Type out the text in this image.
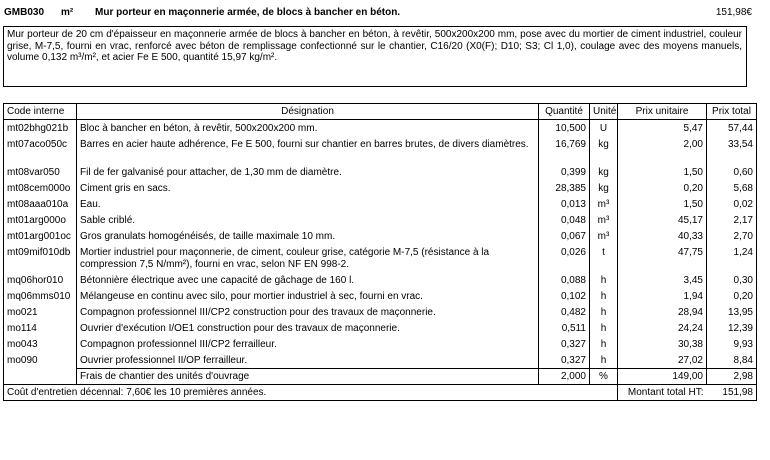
GMB030 m² Mur porteur en maçonnerie armée, de blocs à bancher en béton.	151,98€
Mur porteur de 20 cm d'épaisseur en maçonnerie armée de blocs à bancher en béton, à revêtir, 500x200x200 mm, pose avec du mortier de ciment industriel, couleur grise, M-7,5, fourni en vrac, renforcé avec béton de remplissage confectionné sur le chantier, C16/20 (X0(F); D10; S3; Cl 1,0), coulage avec des moyens manuels, volume 0,132 m³/m², et acier Fe E 500, quantité 15,97 kg/m².
Code interne	Désignation	Quantité	Unité	Prix unitaire	Prix total
mt02bhg021b	Bloc à bancher en béton, à revêtir, 500x200x200 mm.	10,500	U	5,47	57,44
mt07aco050c	Barres en acier haute adhérence, Fe E 500, fourni sur chantier en barres brutes, de divers diamètres.	16,769	kg	2,00	33,54
mt08var050	Fil de fer galvanisé pour attacher, de 1,30 mm de diamètre.	0,399	kg	1,50	0,60
mt08cem000o	Ciment gris en sacs.	28,385	kg	0,20	5,68
mt08aaa010a	Eau.	0,013	m³	1,50	0,02
mt01arg000o	Sable criblé.	0,048	m³	45,17	2,17
mt01arg001oc	Gros granulats homogénéisés, de taille maximale 10 mm.	0,067	m³	40,33	2,70
mt09mif010db	Mortier industriel pour maçonnerie, de ciment, couleur grise, catégorie M-7,5 (résistance à la compression 7,5 N/mm²), fourni en vrac, selon NF EN 998-2.	0,026	t	47,75	1,24
mq06hor010	Bétonnière électrique avec une capacité de gâchage de 160 l.	0,088	h	3,45	0,30
mq06mms010	Mélangeuse en continu avec silo, pour mortier industriel à sec, fourni en vrac.	0,102	h	1,94	0,20
mo021	Compagnon professionnel III/CP2 construction pour des travaux de maçonnerie.	0,482	h	28,94	13,95
mo114	Ouvrier d'exécution I/OE1 construction pour des travaux de maçonnerie.	0,511	h	24,24	12,39
mo043	Compagnon professionnel III/CP2 ferrailleur.	0,327	h	30,38	9,93
mo090	Ouvrier professionnel II/OP ferrailleur.	0,327	h	27,02	8,84
	Frais de chantier des unités d'ouvrage	2,000	%	149,00	2,98
Coût d'entretien décennal: 7,60€ les 10 premières années.				Montant total HT:	151,98
